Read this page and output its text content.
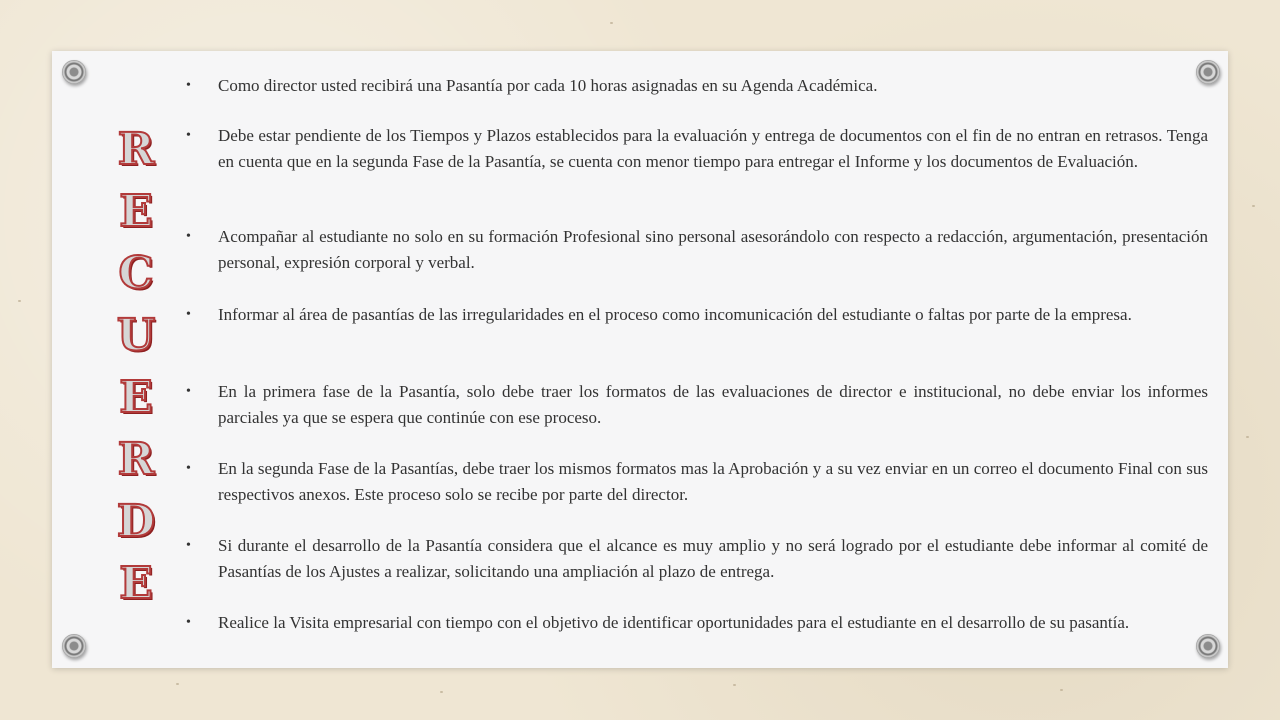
R
E
C
U
E
R
D
E
• Como director usted recibirá una Pasantía por cada 10 horas asignadas en su Agenda Académica.
• Debe estar pendiente de los Tiempos y Plazos establecidos para la evaluación y entrega de documentos con el fin de no entran en retrasos. Tenga en cuenta que en la segunda Fase de la Pasantía, se cuenta con menor tiempo para entregar el Informe y los documentos de Evaluación.
• Acompañar al estudiante no solo en su formación Profesional sino personal asesorándolo con respecto a redacción, argumentación, presentación personal, expresión corporal y verbal.
• Informar al área de pasantías de las irregularidades en el proceso como incomunicación del estudiante o faltas por parte de la empresa.
• En la primera fase de la Pasantía, solo debe traer los formatos de las evaluaciones de director e institucional, no debe enviar los informes parciales ya que se espera que continúe con ese proceso.
• En la segunda Fase de la Pasantías, debe traer los mismos formatos mas la Aprobación y a su vez enviar en un correo el documento Final con sus respectivos anexos. Este proceso solo se recibe por parte del director.
• Si durante el desarrollo de la Pasantía considera que el alcance es muy amplio y no será logrado por el estudiante debe informar al comité de Pasantías de los Ajustes a realizar, solicitando una ampliación al plazo de entrega.
• Realice la Visita empresarial con tiempo con el objetivo de identificar oportunidades para el estudiante en el desarrollo de su pasantía.
